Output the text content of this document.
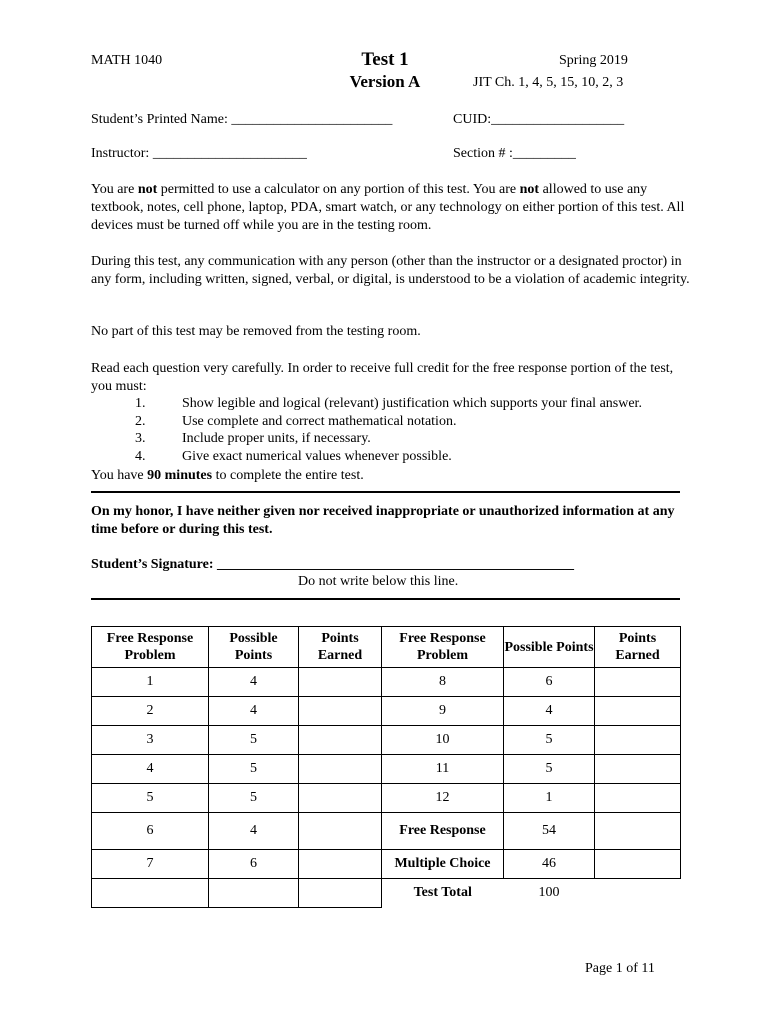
MATH 1040	Test 1
Version A
Spring 2019
JIT Ch. 1, 4, 5, 15, 10, 2, 3
Student’s Printed Name: _______________________	CUID:___________________
Instructor: ______________________	Section # :_________
You are not permitted to use a calculator on any portion of this test. You are not allowed to use any textbook, notes, cell phone, laptop, PDA, smart watch, or any technology on either portion of this test. All devices must be turned off while you are in the testing room.
During this test, any communication with any person (other than the instructor or a designated proctor) in any form, including written, signed, verbal, or digital, is understood to be a violation of academic integrity.
No part of this test may be removed from the testing room.
Read each question very carefully. In order to receive full credit for the free response portion of the test, you must:
1.	Show legible and logical (relevant) justification which supports your final answer.
2.	Use complete and correct mathematical notation.
3.	Include proper units, if necessary.
4.	Give exact numerical values whenever possible.
You have 90 minutes to complete the entire test.
On my honor, I have neither given nor received inappropriate or unauthorized information at any time before or during this test.
Student’s Signature: ___________________________________________________
Do not write below this line.
Free Response Problem	Possible Points	Points Earned	Free Response Problem	Possible Points	Points Earned
1	4		8	6	
2	4		9	4	
3	5		10	5	
4	5		11	5	
5	5		12	1	
6	4		Free Response	54	
7	6		Multiple Choice	46	
			Test Total	100	
Page 1 of 11
